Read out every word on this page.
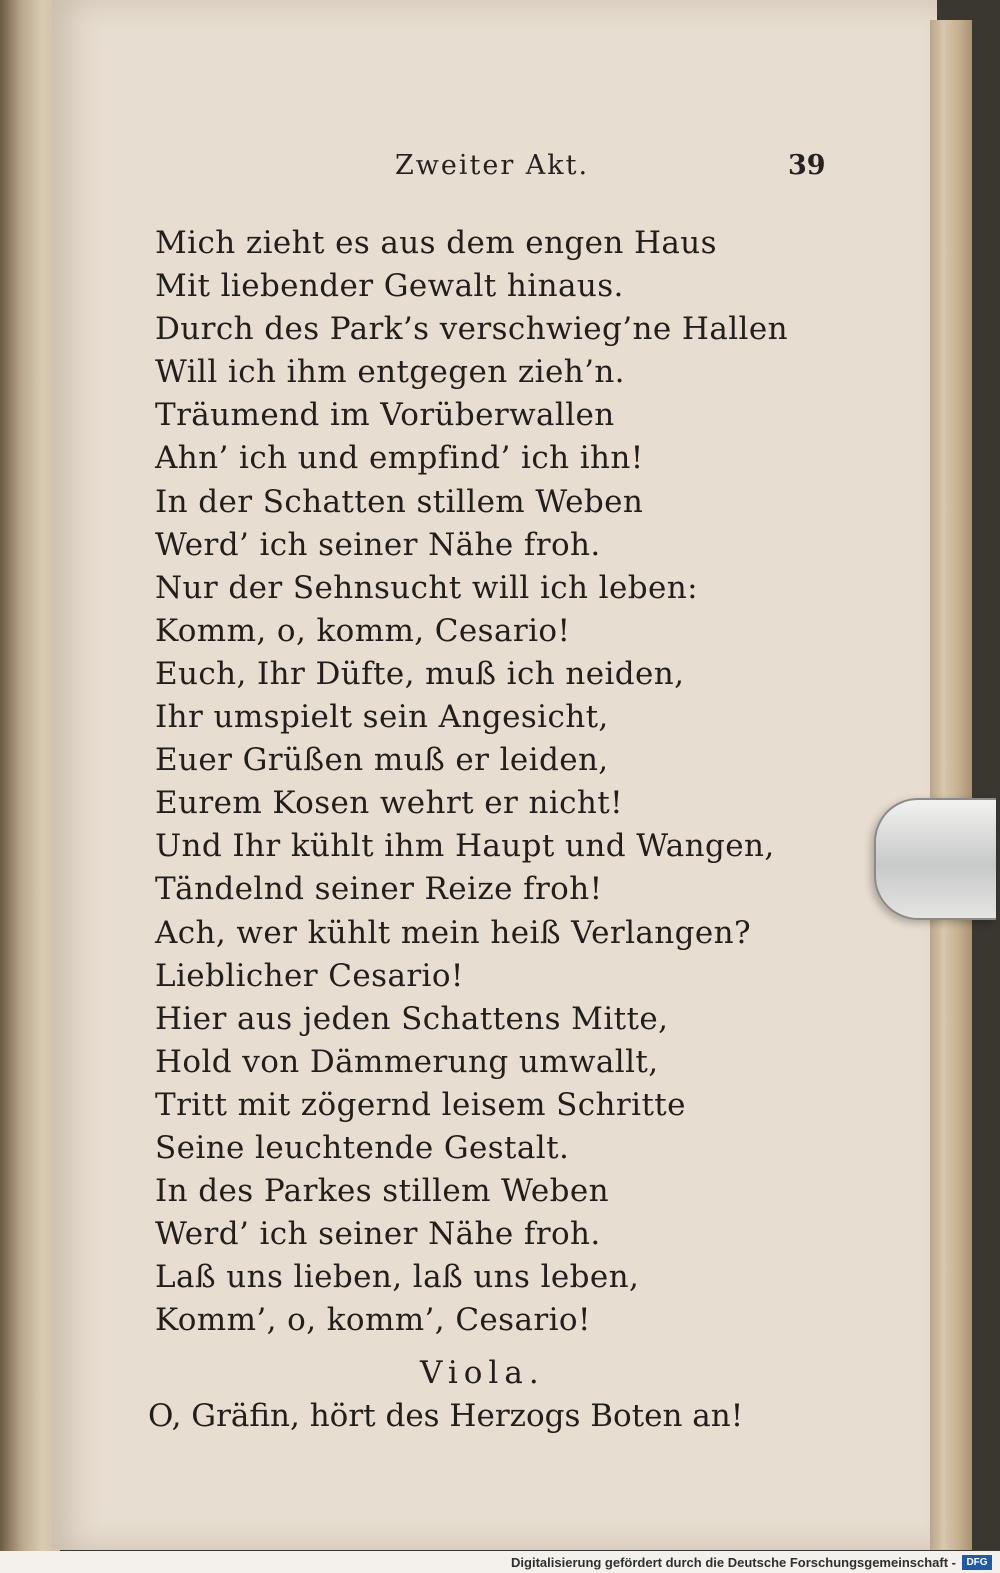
Zweiter Akt.	39
Mich zieht es aus dem engen Haus
Mit liebender Gewalt hinaus.
Durch des Park’s verschwieg’ne Hallen
Will ich ihm entgegen zieh’n.
Träumend im Vorüberwallen
Ahn’ ich und empfind’ ich ihn!
In der Schatten stillem Weben
Werd’ ich seiner Nähe froh.
Nur der Sehnsucht will ich leben:
Komm, o, komm, Cesario!
Euch, Ihr Düfte, muß ich neiden,
Ihr umspielt sein Angesicht,
Euer Grüßen muß er leiden,
Eurem Kosen wehrt er nicht!
Und Ihr kühlt ihm Haupt und Wangen,
Tändelnd seiner Reize froh!
Ach, wer kühlt mein heiß Verlangen?
Lieblicher Cesario!
Hier aus jeden Schattens Mitte,
Hold von Dämmerung umwallt,
Tritt mit zögernd leisem Schritte
Seine leuchtende Gestalt.
In des Parkes stillem Weben
Werd’ ich seiner Nähe froh.
Laß uns lieben, laß uns leben,
Komm’, o, komm’, Cesario!
Viola.
O, Gräfin, hört des Herzogs Boten an!
Digitalisierung gefördert durch die Deutsche Forschungsgemeinschaft -	DFG
